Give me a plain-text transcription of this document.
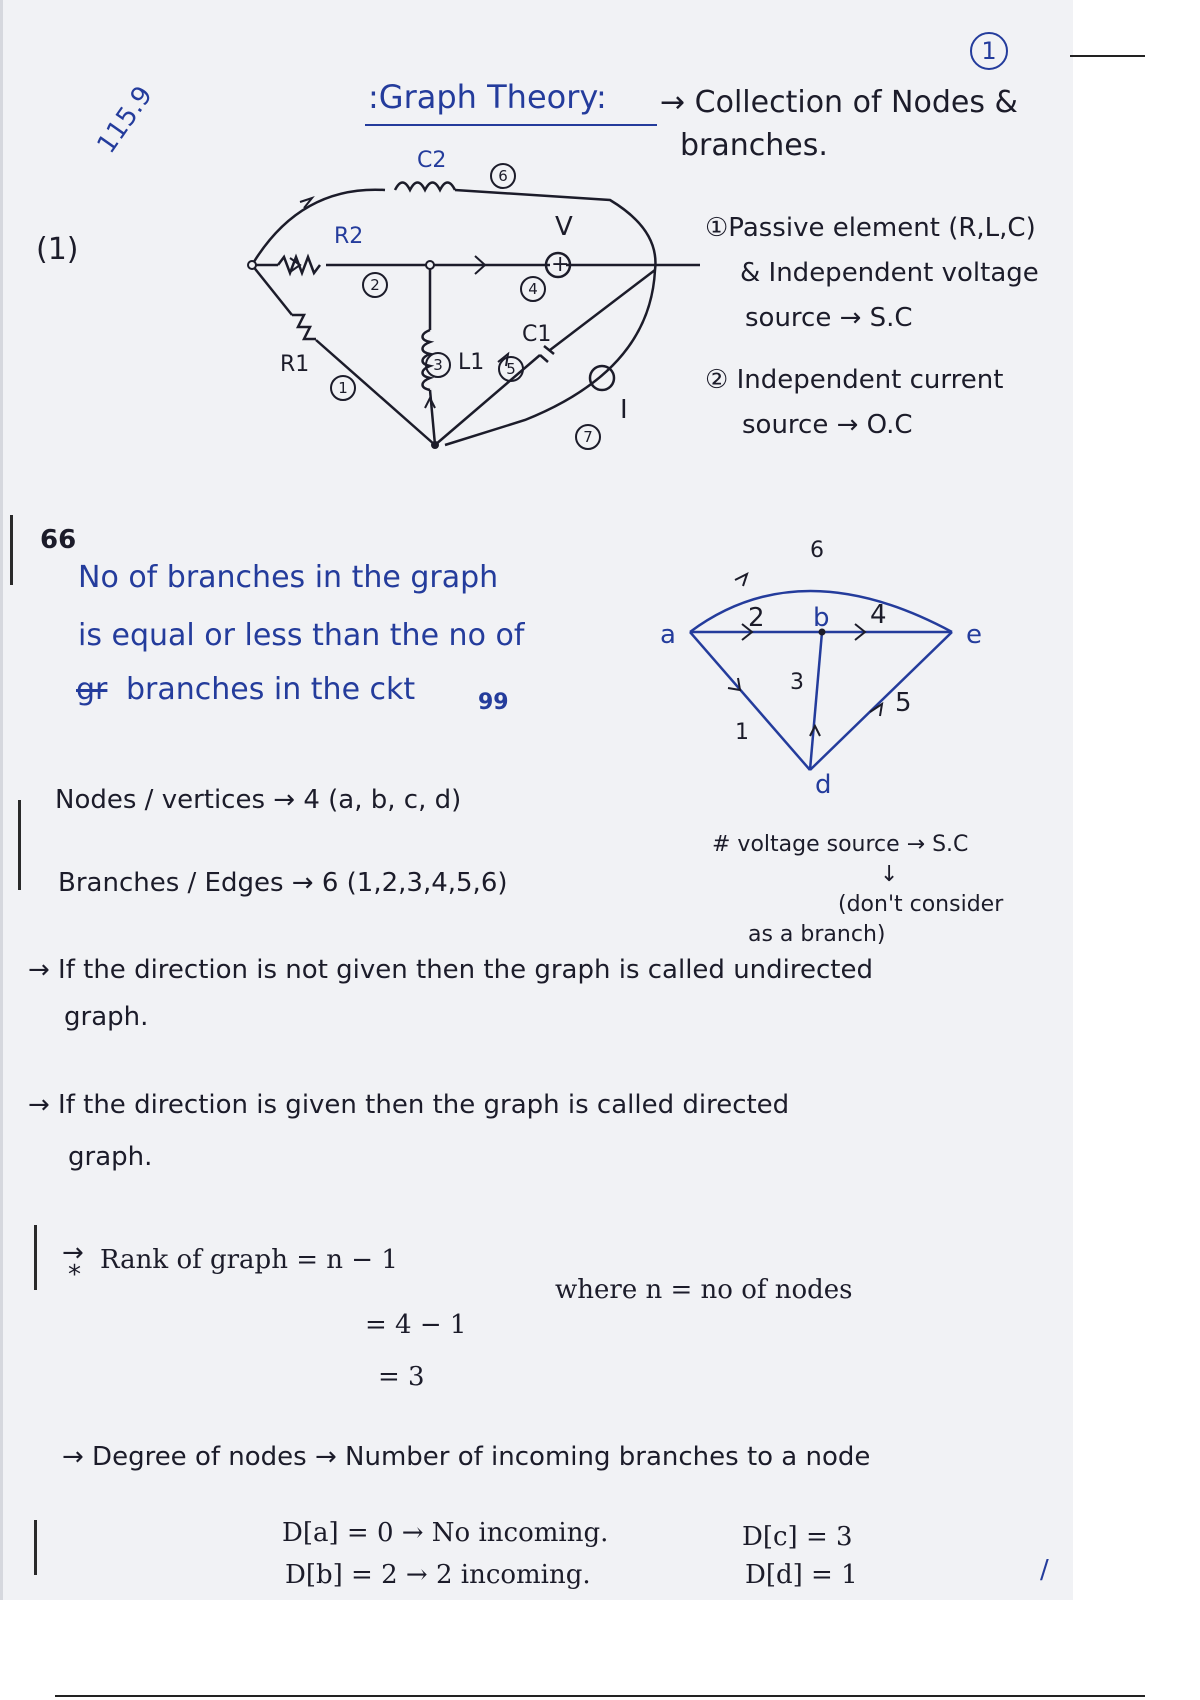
1
115.9	:Graph Theory: → Collection of Nodes &
branches.
(1)
C2
R2
R1	L1
C1
V
+
I
1
2
3
4
5
6
7
①Passive element (R,L,C)
& Independent voltage
source → S.C
② Independent current
source → O.C
66
No of branches in the graph
is equal or less than the no of
gr branches in the ckt	99
a
b
d
e
1
2
3
4
5
6
Nodes / vertices → 4 (a, b, c, d)
Branches / Edges → 6 (1,2,3,4,5,6)
# voltage source → S.C
↓
(don't consider
as a branch)
→ If the direction is not given then the graph is called undirected
graph.
→ If the direction is given then the graph is called directed
graph.
→
* Rank of graph = n − 1
where n = no of nodes
= 4 − 1
= 3
→ Degree of nodes → Number of incoming branches to a node
D[a] = 0 → No incoming.	D[c] = 3
D[b] = 2 → 2 incoming.	D[d] = 1	/
